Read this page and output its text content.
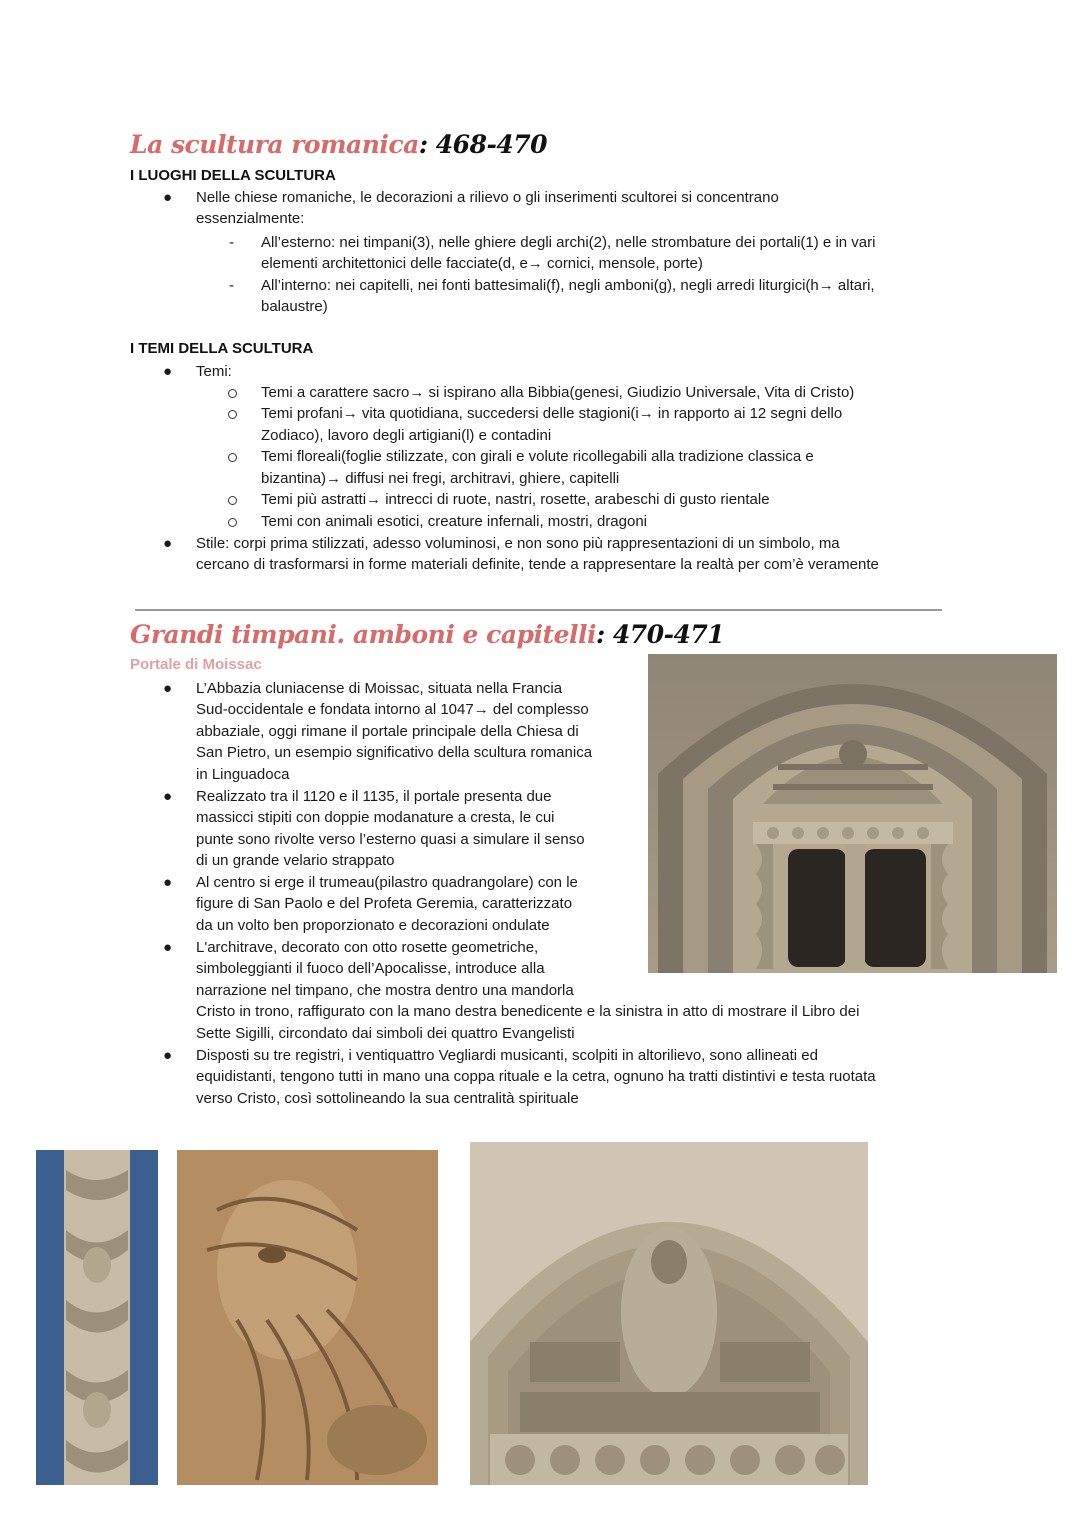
La scultura romanica: 468-470
I LUOGHI DELLA SCULTURA
● Nelle chiese romaniche, le decorazioni a rilievo o gli inserimenti scultorei si concentrano
essenzialmente:
- All’esterno: nei timpani(3), nelle ghiere degli archi(2), nelle strombature dei portali(1) e in vari
elementi architettonici delle facciate(d, e→ cornici, mensole, porte)
- All’interno: nei capitelli, nei fonti battesimali(f), negli amboni(g), negli arredi liturgici(h→ altari,
balaustre)
I TEMI DELLA SCULTURA
● Temi:
Temi a carattere sacro→ si ispirano alla Bibbia(genesi, Giudizio Universale, Vita di Cristo)
Temi profani→ vita quotidiana, succedersi delle stagioni(i→ in rapporto ai 12 segni dello
Zodiaco), lavoro degli artigiani(l) e contadini
Temi floreali(foglie stilizzate, con girali e volute ricollegabili alla tradizione classica e
bizantina)→ diffusi nei fregi, architravi, ghiere, capitelli
Temi più astratti→ intrecci di ruote, nastri, rosette, arabeschi di gusto rientale
Temi con animali esotici, creature infernali, mostri, dragoni
● Stile: corpi prima stilizzati, adesso voluminosi, e non sono più rappresentazioni di un simbolo, ma
cercano di trasformarsi in forme materiali definite, tende a rappresentare la realtà per com’è veramente
Grandi timpani. amboni e capitelli: 470-471
Portale di Moissac
● L’Abbazia cluniacense di Moissac, situata nella Francia
Sud-occidentale e fondata intorno al 1047→ del complesso
abbaziale, oggi rimane il portale principale della Chiesa di
San Pietro, un esempio significativo della scultura romanica
in Linguadoca
● Realizzato tra il 1120 e il 1135, il portale presenta due
massicci stipiti con doppie modanature a cresta, le cui
punte sono rivolte verso l’esterno quasi a simulare il senso
di un grande velario strappato
● Al centro si erge il trumeau(pilastro quadrangolare) con le
figure di San Paolo e del Profeta Geremia, caratterizzato
da un volto ben proporzionato e decorazioni ondulate
● L'architrave, decorato con otto rosette geometriche,
simboleggianti il fuoco dell’Apocalisse, introduce alla
narrazione nel timpano, che mostra dentro una mandorla
Cristo in trono, raffigurato con la mano destra benedicente e la sinistra in atto di mostrare il Libro dei
Sette Sigilli, circondato dai simboli dei quattro Evangelisti
● Disposti su tre registri, i ventiquattro Vegliardi musicanti, scolpiti in altorilievo, sono allineati ed
equidistanti, tengono tutti in mano una coppa rituale e la cetra, ognuno ha tratti distintivi e testa ruotata
verso Cristo, così sottolineando la sua centralità spirituale
